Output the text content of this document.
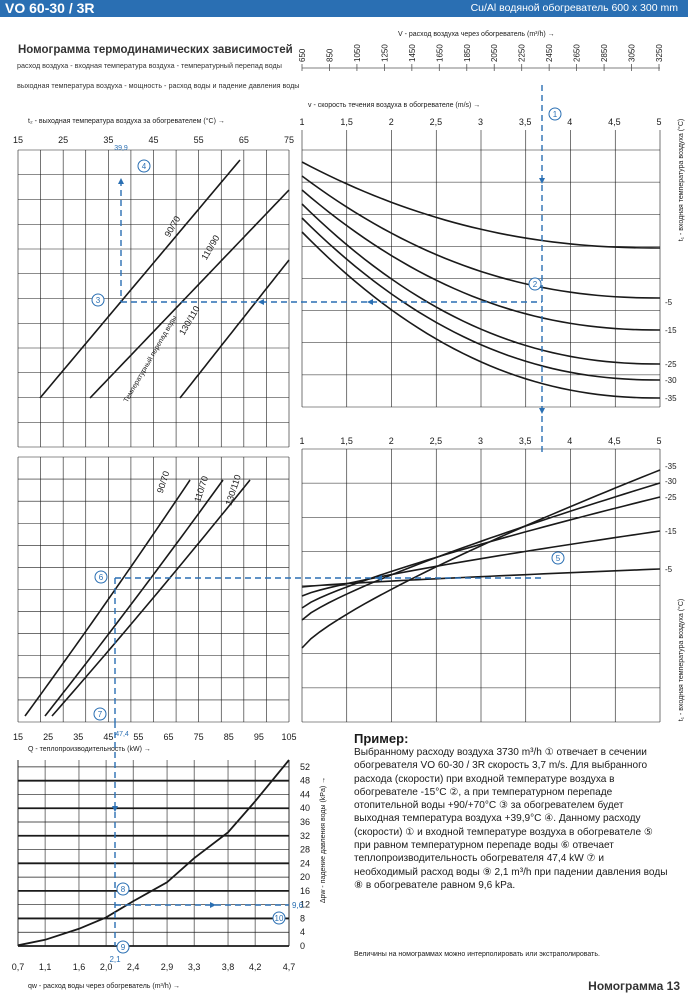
VO 60-30 / 3R	Cu/Al водяной обогреватель 600 x 300 mm
Номограмма термодинамических зависимостей
расход воздуха - входная температура воздуха - температурный перепад воды
выходная температура воздуха - мощность - расход воды и падение давления воды
650 850 1050 1250 1450 1650 1850 2050 2250 2450 2650 2850 3050 3250
V - расход воздуха через обогреватель (m³/h) →
v - скорость течения воздуха в обогревателе (m/s) →
1
1
1,5
1,5
2
2
2,5
2,5
3
3
3,5
3,5
4
4
4,5
4,5
5
5
t₂ - выходная температура воздуха за обогревателем (°C) →
15	25	35	45	55	65	75
90/70
110/90
130/110
Температурный перепад воды
-5
-15
-25
-30
-35
t₁ - входная температура воздуха (°C)
15 25 35 45 55 65 75 85 95 105
Q - теплопроизводительность (kW) →
90/70 110/70 130/110
-35
-30
-25
-15
-5
t₁ - входная температура воздуха (°C)
0,7 1,1 1,6 2,0 2,4 2,9 3,3 3,8 4,2 4,7
0
4
8
12
16
20
24
28
32
36
40
44
48
52
Δpw - падение давления воды (kPa) →
qw - расход воды через обогреватель (m³/h) →
39,9
47,4
9,6
2,1
1
2
3
4
5
6
7
8
9
10
Пример:
Выбранному расходу воздуха 3730 m³/h ① отвечает в сечении обогревателя VO 60-30 / 3R скорость 3,7 m/s. Для выбранного расхода (скорости) при входной температуре воздуха в обогревателе -15°C ②, а при температурном перепаде отопительной воды +90/+70°C ③ за обогревателем будет выходная температура воздуха +39,9°C ④. Данному расходу (скорости) ① и входной температуре воздуха в обогревателе ⑤ при равном температурном перепаде воды ⑥ отвечает теплопроизводительность обогревателя 47,4 kW ⑦ и необходимый расход воды ⑨ 2,1 m³/h при падении давления воды ⑧ в обогревателе равном 9,6 kPa.
Величины на номограммах можно интерполировать или экстраполировать.
Номограмма 13
